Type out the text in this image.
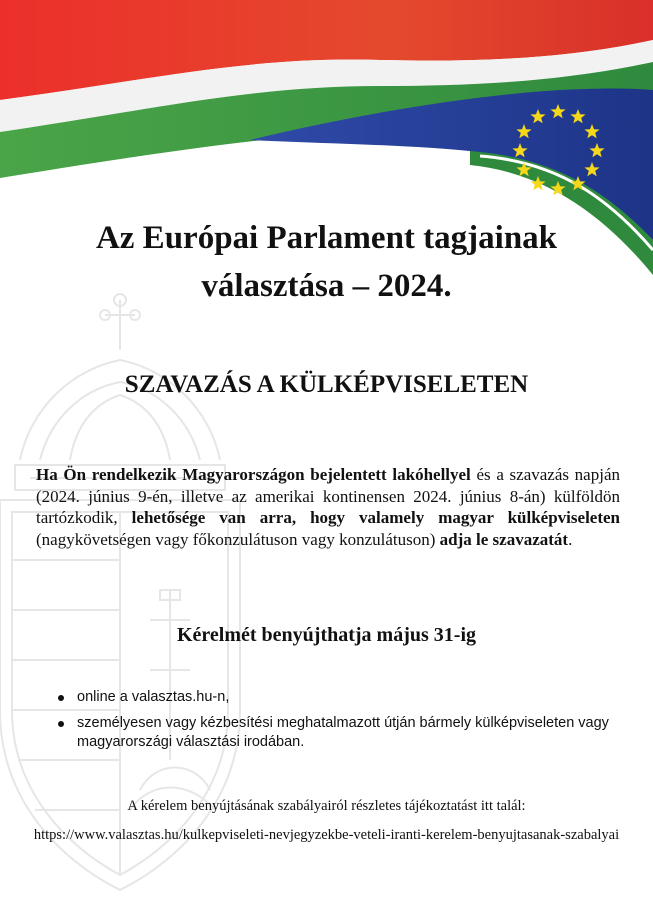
Az Európai Parlament tagjainak
választása – 2024.
SZAVAZÁS A KÜLKÉPVISELETEN

Ha Ön rendelkezik Magyarországon bejelentett lakóhellyel és a szavazás napján (2024. június 9-én, illetve az amerikai kontinensen 2024. június 8-án) külföldön tartózkodik, lehetősége van arra, hogy valamely magyar külképviseleten (nagykövetségen vagy főkonzulátuson vagy konzulátuson) adja le szavazatát.

Kérelmét benyújthatja május 31-ig
online a valasztas.hu-n,
személyesen vagy kézbesítési meghatalmazott útján bármely külképviseleten vagy magyarországi választási irodában.

A kérelem benyújtásának szabályairól részletes tájékoztatást itt talál:

https://www.valasztas.hu/kulkepviseleti-nevjegyzekbe-veteli-iranti-kerelem-benyujtasanak-szabalyai
